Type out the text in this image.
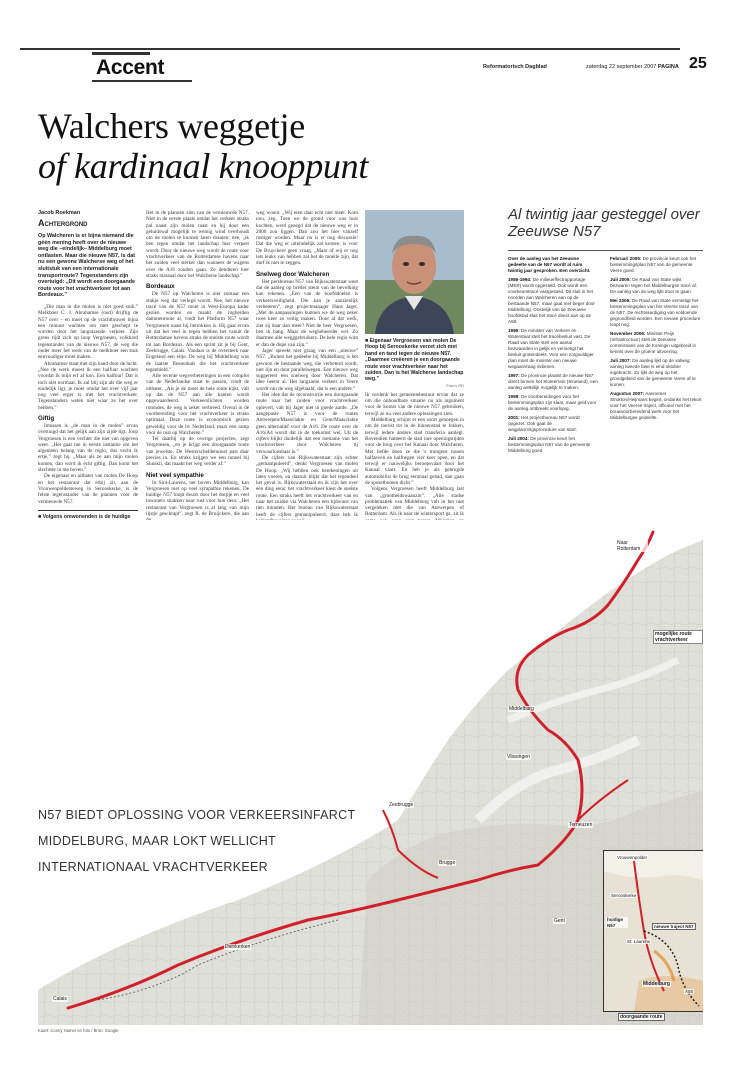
Accent	Reformatorisch Dagblad	zaterdag 22 september 2007 PAGINA 25
Walchers weggetje
of kardinaal knooppunt
Jacob Roekman
Achtergrond
Op Walcheren is er bijna niemand die géén mening heeft over de nieuwe weg die –eindelijk– Middelburg moet ontlasten. Maar die nieuwe N57, is dat nu een gewone Walcherse weg of het sluitstuk van een internationale transportroute? Tegenstanders zijn overtuigd: „Dit wordt een doorgaande route voor het vrachtverkeer tot aan Bordeaux.”

„Die man in die molen is niet goed snik.” Melkboer C. J. Abrahamse (oud) drijftig de N57 over – en moet op de vrachtbruwel bijna een minuut wachten om met geschept te worden door het langrazende verkeer. Zijn grens rijdt zich op loop Vergroesen, volkhard tegenstander van de nieuwe N57, de weg die onder meer het werk van de melkboer een stuk eenvoudiger moet maken.

Abrahamse staat met zijn hand door de lucht. „Nee de werk moest ik een halfuur wachten voordat ik mijn erf af kon. Een halfuur! Dat is toch niet normaal. Ik zal blij zijn als die weg er eindelijk ligt, je moet omdat het over vijf jaar nog veel erger is met het vrachtverkeer. Tegenstanders weten niet waar ze het over hebben.”

Giftig

Intussen is „de man in de molen” ervan overtuigd dat het gelijk aan zijn zijde ligt. Joop Vergroesen is een vechter die niet van opgeven weet. „Het gaat me in eerste instantie om het algemeen belang van de regio, dus vecht ik ertje,” zegt hij. „Maar als ze aan mijn molen komen, dan word ik écht giftig. Dan komt het slechtste in me boven.”

De eigenaar en uitbater van molen De Hoop en het restaurant dat erbij zit, aan de Vrouwenpolderseweg in Serooskerke, is de felste tegenstander van de plannen voor de vernieuwde N57.

■ Volgens omwonenden is de huidige

Het in de plannen zien van de vernieuwde N57. Niet in de eerste plaats omdat het verkeer straks pal naast zijn molen raast en hij door een geluidswal mogelijk te weinig wind overhoudt om de molen te kunnen laten draaien; nee, „ik ben tegen omdat het landschap hier verpest wordt. Door de nieuwe weg wordt de route voor vrachtverkeer van de Rotterdamse havens naar het zuiden veel sterker dan wanneer de wagens over de A16 zouden gaan. Ze denderen hier straks massaal door het Walcherse landschap.”

Bordeaux

De N57 op Walcheren is niet zomaar een stukje weg dat verlegd wordt. Nee, het nieuwe tracé van de N57 moet in West-Europa kader gezien worden en maakt de rogherden dammenroute al, vindt het Platform N57 waar Vergroesen naast hij betrokken is. Hij gaat ervan uit dat het veel in tegen hebben het vanuit de Rotterdamse havens straks de snelste route wordt tot aan Bordeaux. Als een sprint zit je bij Gent, Zeebrugge, Calais. Vandaar is de oversteek naar Engeland een eitje. De weg bij Middelburg was de laatste flessenhals die het vrachtverkeer tegenhield.”

Alle recente wegverbeteringen in een complot van de Nederlandse staat te passen, vindt de uitbater. „Als je de moet de hele route kijkt, valt op dat de N57 aan alle kanten wordt opgewaardeerd. Verkeerslichten worden rotondes, de weg is zeker verbreed. Overal in de voorbereiding voor het vrachtverkeer is straks optimaal. Deze route is economisch gezien geweldig voor de bv Nederland, maar een ramp voor de rust op Walcheren.”

Tel daarbij op de overige projecten, zegt Vergroesen, „en je krijgt een doorgaande route van jewelste. De Westerscheldetunnel past daar precies in. En straks krijgen we een tunnel bij Sluiskil, dat maakt het weg verder af.”

Niet veel sympathie

In Sint-Laurens, net boven Middelburg, kan Vergroesen niet op veel sympathie rekenen. De huidige N57 loopt dwars door het dorpje en veel inwoners snakken naar rust voor hun deur. „Het restaurant van Vergroesen is al lang van mijn lijstje geschrapt”, zegt R. de Bruijckere, die aan

weg woont. „Wij eten daar echt niet meer. Kom nou, zeg. Toen we de grond voor ons huis kochten, werd gezegd dat de nieuwe weg er in 2000 zou liggen. Dan zou het hier vanzelf rustiger worden. Maar nu is er nog discussie! Dat die weg er uiteindelijk zal komen, is voor De Bruyckere geen vraag. „Maar of wij er nog iets leuks van hebben zal het de moeite zijn, dat durf ik niet te zeggen.

Snelweg door Walcheren

Het persbureau N57 van Rijkswaterstaat weet dat de aanleg op breder steun van de bevolking kan rekenen. „Een van de hoofddoelen is verkeersveiligheid. Die kan je aanzienlijk verbeteren”, zegt projectmanager Hans Jager. „Met de aanpassingen kunnen we de weg zeker twee keer zo veilig maken. Door al dat werk, ziet zij daar dan meer? Niet de heer Vergroesen, ben ik bang. Maar de wegbeheerder wel. Zo daarmee alle wegggebruikers. De hele regio wint er dan de dupe van zijn.”

Jager spreekt niet graag van een „nieuwe” N57. „Buiten het gedeelte bij Middelburg is het gewoon de bestaande weg, die verbeterd wordt, niet lijn en duur parallelwegen. Een nieuwe weg suggereert een snelweg door Walcheren. Dat idee heerst al. Het langzame verkeer in Veere wordt van de weg afgehaald, dat is een andere.”

Het idee dat de reconstructie een doorgaande route naar het zuiden voor vrachtverkeer oplevert, valt bij Jager niet in goede aarde. „De aangepaste N57 is voor de routes Antwerpen/Maasvlakte en Gent/Maasvlakte geen alternatief voor de A16. De route over de A16/A4 wordt dat in de toekomst wel. Uit de cijfers blijkt duidelijk dat een toename van het vrachtverkeer door Walcheren tij verwaarloosbaar is.”

De cijfers van Rijkswaterstaat zijn echter „gemanipuleerd”, denkt Vergroesen van molen De Hoop. „Wij hebben ook berekeningen uit laten voeren, en daaruit blijkt dat het tegendeel het geval is. Rijkswaterstaat en ik zijn het over één ding eens: het vrachtverkeer kiest de snelste route. Een straks heeft het vrachtverkeer van en naar het zuiden via Walcheren een tijdwinst van tien minuten. Het bureau van Rijkswaterstaat heeft de cijfers gemanipuleerd, daar heb ik

■ Eigenaar Vergroesen van molen De Hoop bij Serooskerke verzet zich met hand en tand tegen de nieuwe N57. „Daarmee creëeren je een doorgaande route voor vrachtverkeer naar het zuiden. Dan is het Walcherse landschap weg.”
Foto's RD

Ik verdenk het gemeentebestuur ervan dat ze om die onhoudbare situatie nu als argument voor de komst van de nieuwe N57 gebruiken, terwijl ze nu veel andere oplossingen zien.

Middelburg schijnt er een soort genoegen in om de toerist tot in de binnenstad te lokken, terwijl iedere andere stad transferia aanlegt. Bovendien hanteert de stad rare openingstijden voor de brug over het Kanaal door Walcheren. Met liefde doen ze die 's morgens tussen halfzeven en halfnegen vier keer open, en dat terwijl er nauwelijks beroepsvaart door het Kanaal vaart. En heb je als gebrugde automobilist de brug eenmaal gehad, dan gaan de sposetbomen dicht.”

Volgens Vergroesen heeft Middelburg last van „grootheidswaanzin”. „Alle stadse problematiek van Middelburg valt in het niet vergeleken met die van Antwerpen of Rotterdam. Als ik naar de wintersport ga, zit ik

Al twintig jaar gesteggel over Zeeuwse N57

Over de aanleg van het Zeeuwse gedeelte van de N57 wordt al ruim twintig jaar gesproken. Een overzicht.

1986-1994: De milieueffectrapportage (MER) wordt opgesteld. Ook wordt een voorkeurstracé vastgesteld. Dit sluit in het noorden aan Walcheren aan op de bestaande N57, maar gaat met beger door Middelburg. Oostelijk van de Zeeuwse hoofdstad sluit het tracé direct aan op de A58.

1996: De minister van Verkeer en Waterstaat stelt het tracébesluit vast. De Raad van State stelt een aantal bezwaarden in gelijk en vernietigt het besluit grotendeels. Voor een zorgvuldiger plan moet de minister een nieuwe wegaanvraag indienen.

1997: De provincie plaatst de nieuwe N57 direct binnen het Sloeterrein (Sloeland), een aanleg wettelijk mogelijk te maken.

1998: De voorbereidingen voor het bestemmingsplan zijn klaar, maar geld voor de aanleg ontbreekt voorlopig.

2001: Het projectbureau N57 wordt opgezet. Ook gaat de wegplanningsprocedure van start.

Juli 2004: De provincie keurt het bestemmingsplan N57 van de gemeente Middelburg goed.

Februari 2005: De provincie keurt ook het bestemmingsplan N57 van de gemeente Veere goed.

Juli 2005: De Raad van State wijst bezwaren tegen het Middelburgse tracé af. De aanleg van de weg lijkt door te gaan.

Mei 2006: De Raad van State vernietigt het bestemmingsplan van het Veerse tracé van de N57. De rechtvaardiging van voldoende gegrondheid worden. Een nieuwe procedure loopt nog.

November 2006: Minister Peijs (Infrastructuur) stelt de Zeeuwse commissaris van de Koningin uitgebreid in kennis over de groene uitvoering.

Juli 2007: De aanleg lijkt op de valweg: aanleg tweede fase is eind oktober ingebracht. Zo lijkt de weg op het grondgebied van de gemeente Veere af te komen.

Augustus 2007: Aannemer Strukton/Heijmans begint, ondanks het tekort voor het Veerse traject, officieel met het bouwvoorbereidend werk voor het Middelburgse gedeelte.

N57 BIEDT OPLOSSING VOOR VERKEERSINFARCT
MIDDELBURG, MAAR LOKT WELLICHT
INTERNATIONAAL VRACHTVERKEER
Naar Rotterdam
mogelijke route vrachtverkeer
Middelburg
Vlissingen
Zeebrugge
Brugge
Terneuzen
Gent
Duinkerken
Calais
Vrouwenpolder
Serooskerke
huidige N57	nieuwe traject N57
St. Laurens
Middelburg
A58
doorgaande route
Kaart: Conny Hamer en foto / Bron: Google
